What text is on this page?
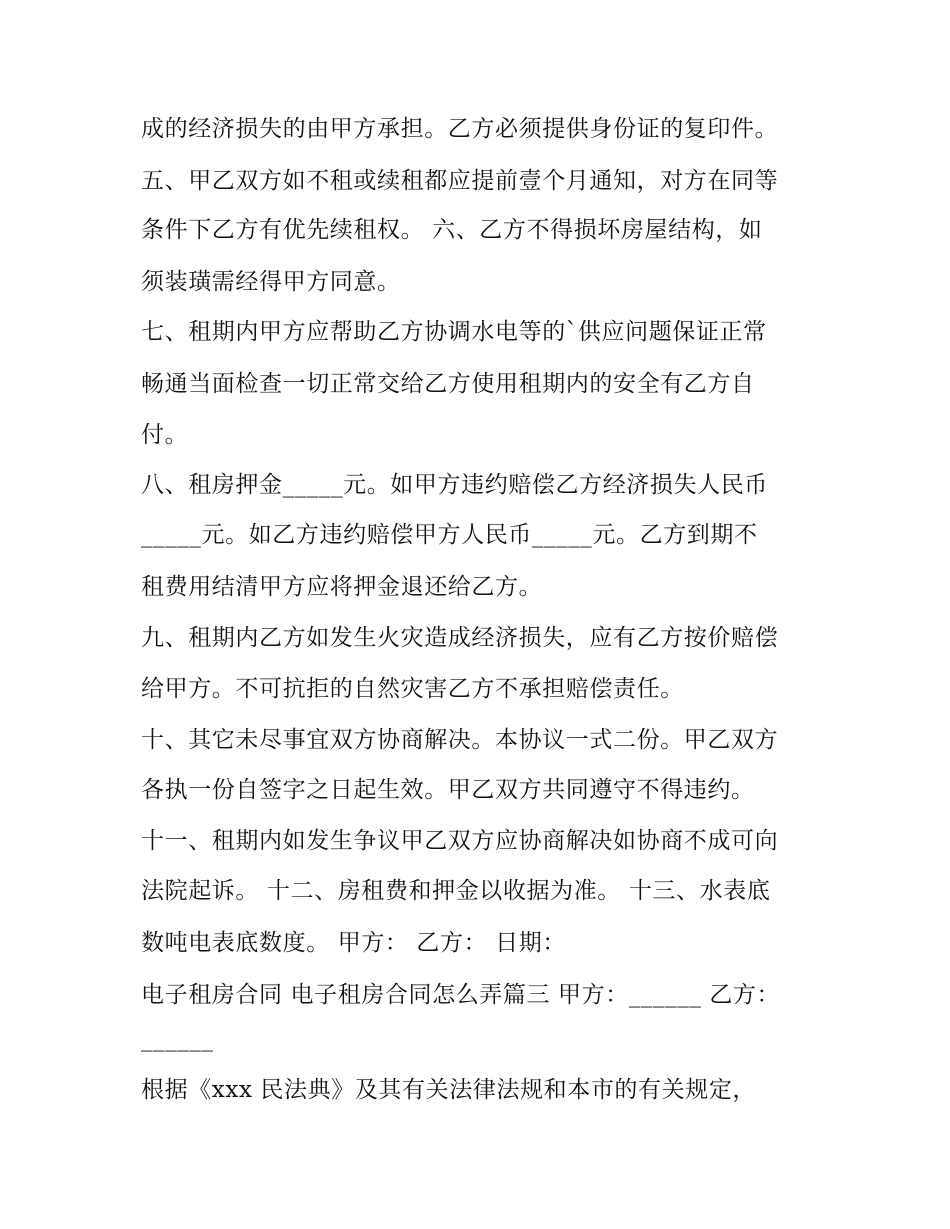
成的经济损失的由甲方承担。乙方必须提供身份证的复印件。

五、甲乙双方如不租或续租都应提前壹个月通知，对方在同等

条件下乙方有优先续租权。 六、乙方不得损坏房屋结构，如

须装璜需经得甲方同意。

七、租期内甲方应帮助乙方协调水电等的`供应问题保证正常

畅通当面检查一切正常交给乙方使用租期内的安全有乙方自

付。

八、租房押金_____元。如甲方违约赔偿乙方经济损失人民币

_____元。如乙方违约赔偿甲方人民币_____元。乙方到期不

租费用结清甲方应将押金退还给乙方。

九、租期内乙方如发生火灾造成经济损失，应有乙方按价赔偿

给甲方。不可抗拒的自然灾害乙方不承担赔偿责任。

十、其它未尽事宜双方协商解决。本协议一式二份。甲乙双方

各执一份自签字之日起生效。甲乙双方共同遵守不得违约。

十一、租期内如发生争议甲乙双方应协商解决如协商不成可向

法院起诉。 十二、房租费和押金以收据为准。 十三、水表底

数吨电表底数度。 甲方： 乙方： 日期：

电子租房合同 电子租房合同怎么弄篇三 甲方：______ 乙方：

______

根据《xxx 民法典》及其有关法律法规和本市的有关规定，
